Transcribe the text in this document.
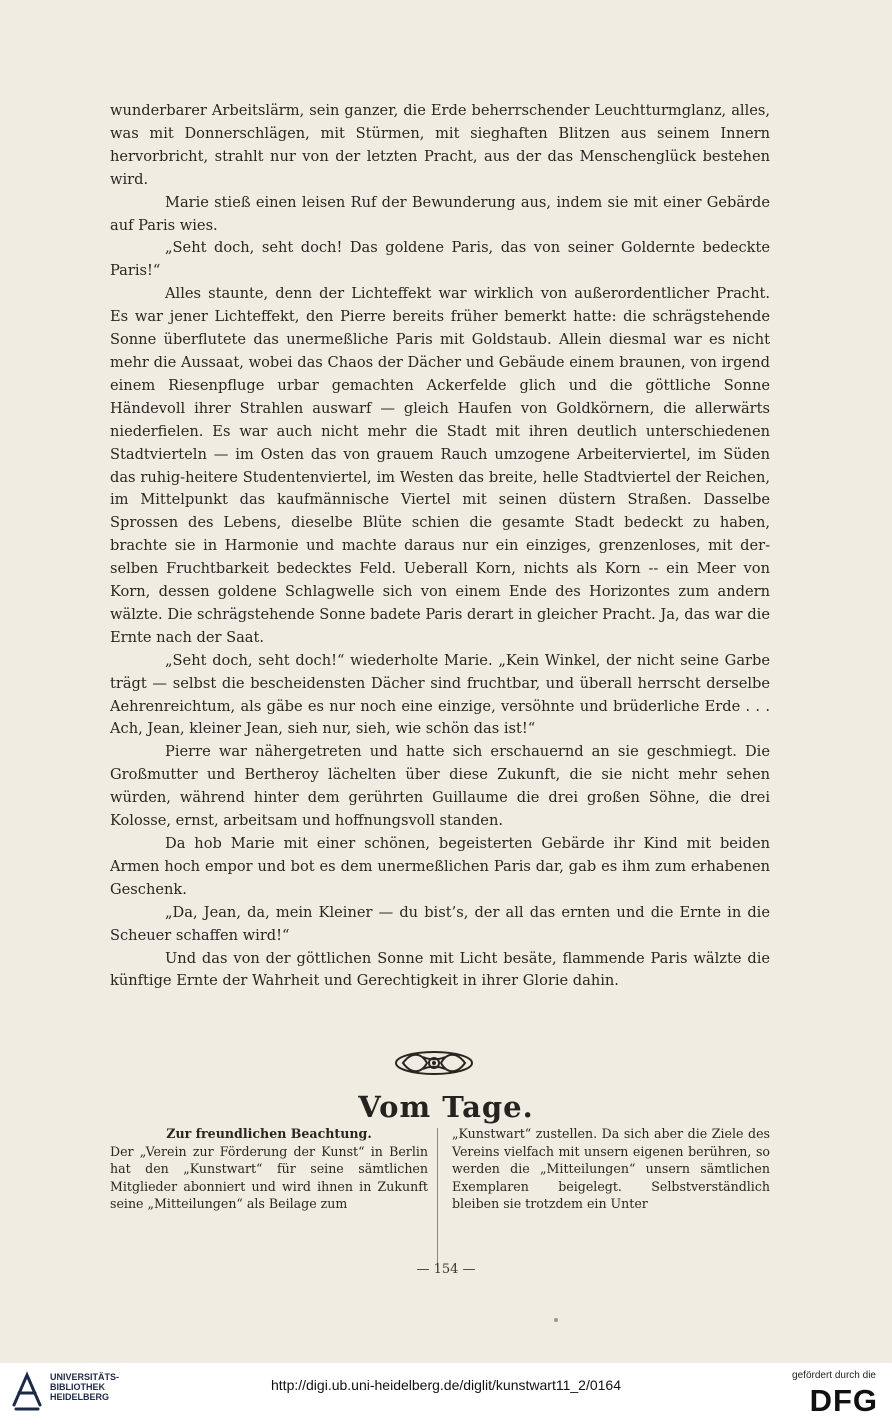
wunderbarer Arbeitslärm, sein ganzer, die Erde beherrschender Leuchtturmglanz, alles, was mit Donnerschlägen, mit Stürmen, mit sieghaften Blitzen aus seinem Innern hervorbricht, strahlt nur von der letzten Pracht, aus der das Menschenglück bestehen wird.

Marie stieß einen leisen Ruf der Bewunderung aus, indem sie mit einer Gebärde auf Paris wies.

„Seht doch, seht doch! Das goldene Paris, das von seiner Goldernte bedeckte Paris!“

Alles staunte, denn der Lichteffekt war wirklich von außerordentlicher Pracht. Es war jener Lichteffekt, den Pierre bereits früher bemerkt hatte: die schrägstehende Sonne überflutete das unermeßliche Paris mit Goldstaub. Allein diesmal war es nicht mehr die Aussaat, wobei das Chaos der Dächer und Gebäude einem braunen, von irgend einem Riesenpfluge urbar gemachten Ackerfelde glich und die göttliche Sonne Händevoll ihrer Strahlen auswarf — gleich Haufen von Goldkörnern, die allerwärts niederfielen. Es war auch nicht mehr die Stadt mit ihren deutlich unterschiedenen Stadtvierteln — im Osten das von grauem Rauch umzogene Arbeiterviertel, im Süden das ruhig-heitere Studentenviertel, im Westen das breite, helle Stadtviertel der Reichen, im Mittelpunkt das kaufmännische Viertel mit seinen düstern Straßen. Dasselbe Sprossen des Lebens, dieselbe Blüte schien die gesamte Stadt bedeckt zu haben, brachte sie in Harmonie und machte daraus nur ein einziges, grenzenloses, mit derselben Fruchtbarkeit bedecktes Feld. Ueberall Korn, nichts als Korn -- ein Meer von Korn, dessen goldene Schlagwelle sich von einem Ende des Horizontes zum andern wälzte. Die schrägstehende Sonne badete Paris derart in gleicher Pracht. Ja, das war die Ernte nach der Saat.

„Seht doch, seht doch!“ wiederholte Marie. „Kein Winkel, der nicht seine Garbe trägt — selbst die bescheidensten Dächer sind fruchtbar, und überall herrscht derselbe Aehrenreichtum, als gäbe es nur noch eine einzige, versöhnte und brüderliche Erde . . . Ach, Jean, kleiner Jean, sieh nur, sieh, wie schön das ist!“

Pierre war nähergetreten und hatte sich erschauernd an sie geschmiegt. Die Großmutter und Bertheroy lächelten über diese Zukunft, die sie nicht mehr sehen würden, während hinter dem gerührten Guillaume die drei großen Söhne, die drei Kolosse, ernst, arbeitsam und hoffnungsvoll standen.

Da hob Marie mit einer schönen, begeisterten Gebärde ihr Kind mit beiden Armen hoch empor und bot es dem unermeßlichen Paris dar, gab es ihm zum erhabenen Geschenk.

„Da, Jean, da, mein Kleiner — du bist’s, der all das ernten und die Ernte in die Scheuer schaffen wird!“

Und das von der göttlichen Sonne mit Licht besäte, flammende Paris wälzte die künftige Ernte der Wahrheit und Gerechtigkeit in ihrer Glorie dahin.

Vom Tage.

Zur freundlichen Beachtung.
Der „Verein zur Förderung der Kunst“ in Berlin hat den „Kunstwart“ für seine sämtlichen Mitglieder abonniert und wird ihnen in Zukunft seine „Mitteilungen“ als Beilage zum

„Kunstwart“ zustellen. Da sich aber die Ziele des Vereins vielfach mit unsern eigenen berühren, so werden die „Mitteilungen“ unsern sämtlichen Exemplaren beigelegt. Selbstverständlich bleiben sie trotzdem ein Unter

— 154 —
UNIVERSITÄTS-
BIBLIOTHEK
HEIDELBERG
http://digi.ub.uni-heidelberg.de/diglit/kunstwart11_2/0164
gefördert durch die
DFG
